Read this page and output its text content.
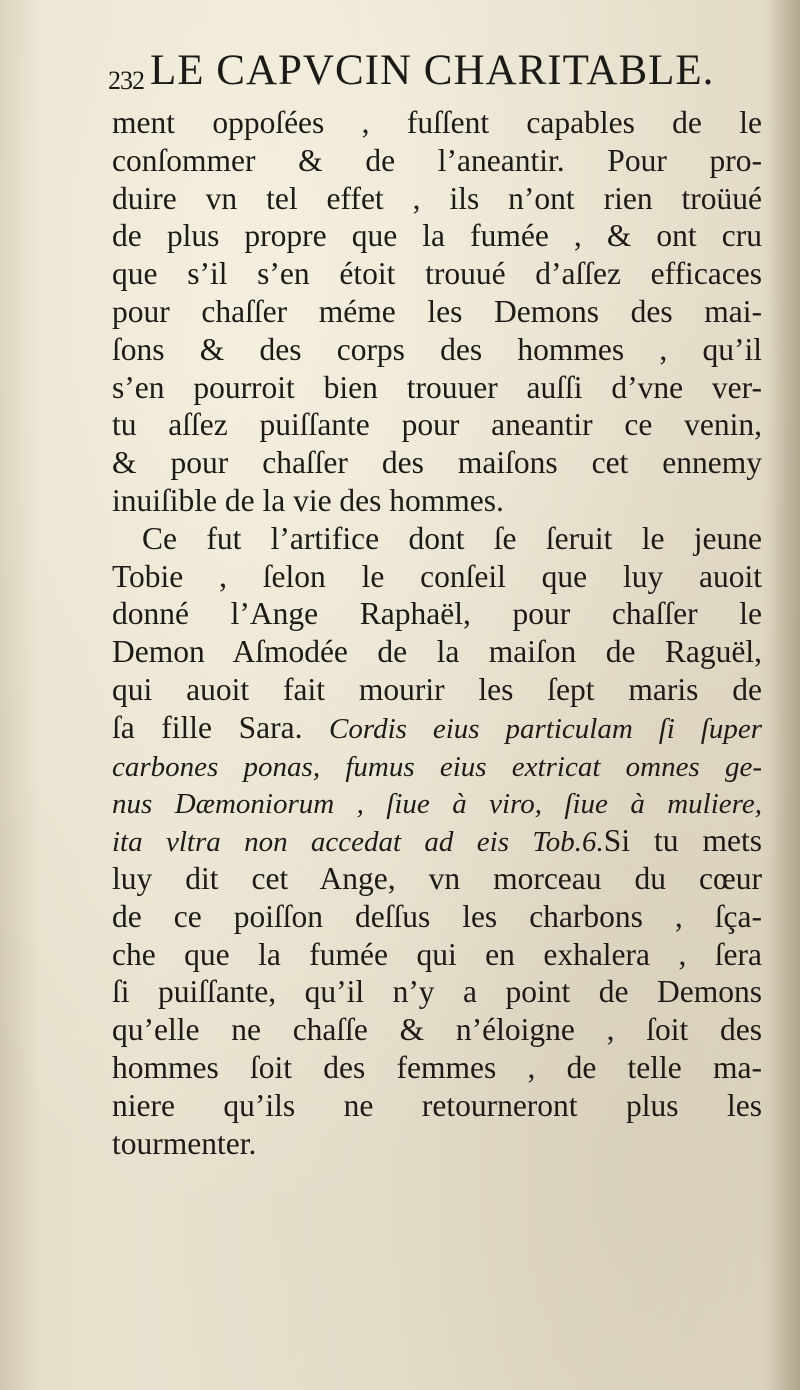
232 LE CAPVCIN CHARITABLE.
ment oppoſées , fuſſent capables de le
conſommer & de l’aneantir. Pour pro-
duire vn tel effet , ils n’ont rien troüué
de plus propre que la fumée , & ont cru
que s’il s’en étoit trouué d’aſſez efficaces
pour chaſſer méme les Demons des mai-
ſons & des corps des hommes , qu’il
s’en pourroit bien trouuer auſſi d’vne ver-
tu aſſez puiſſante pour aneantir ce venin,
& pour chaſſer des maiſons cet ennemy
inuiſible de la vie des hommes.
Ce fut l’artifice dont ſe ſeruit le jeune
Tobie , ſelon le conſeil que luy auoit
donné l’Ange Raphaël, pour chaſſer le
Demon Aſmodée de la maiſon de Raguël,
qui auoit fait mourir les ſept maris de
ſa fille Sara. Cordis eius particulam ſi ſuper
carbones ponas, fumus eius extricat omnes ge-
nus Dæmoniorum , ſiue à viro, ſiue à muliere,
ita vltra non accedat ad eis Tob.6.Si tu mets
luy dit cet Ange, vn morceau du cœur
de ce poiſſon deſſus les charbons , ſça-
che que la fumée qui en exhalera , ſera
ſi puiſſante, qu’il n’y a point de Demons
qu’elle ne chaſſe & n’éloigne , ſoit des
hommes ſoit des femmes , de telle ma-
niere qu’ils ne retourneront plus les
tourmenter.
